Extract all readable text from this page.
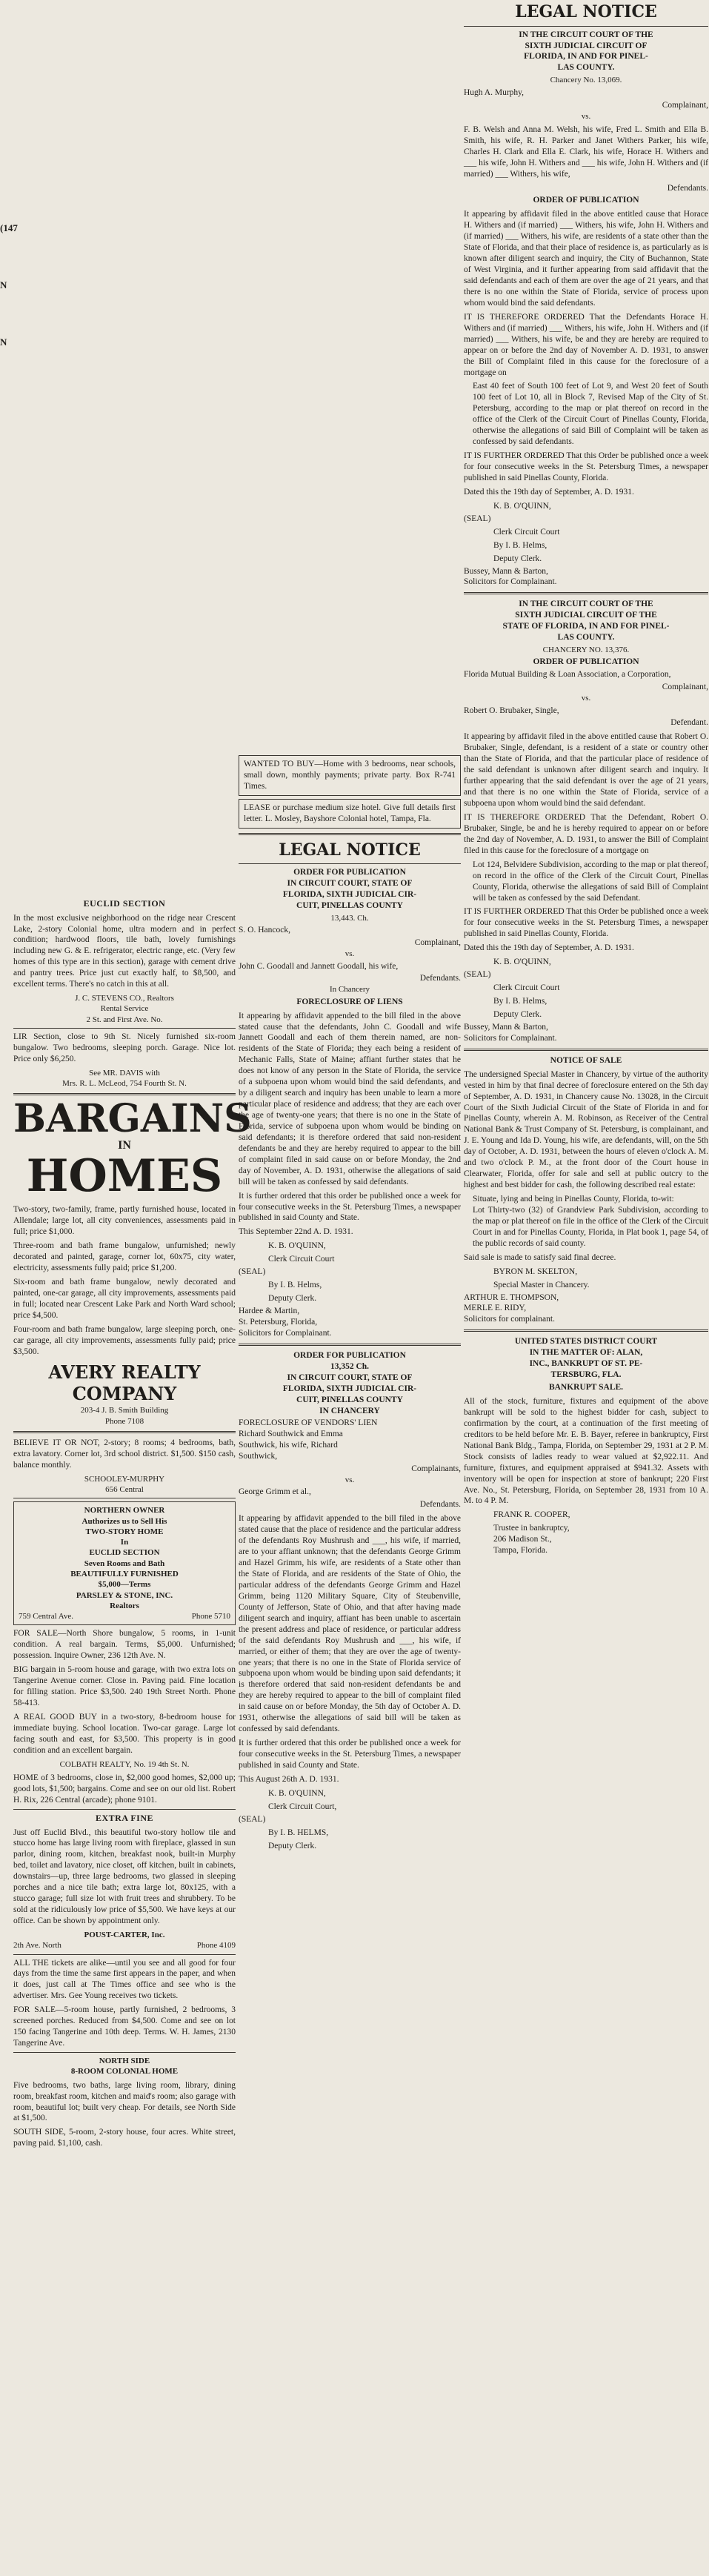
(147

N

N

EUCLID SECTION

In the most exclusive neighborhood on the ridge near Crescent Lake, 2-story Colonial home, ultra modern and in perfect condition; hardwood floors, tile bath, lovely furnishings including new G. & E. refrigerator, electric range, etc. (Very few homes of this type are in this section), garage with cement drive and pantry trees. Price just cut exactly half, to $8,500, and excellent terms. There's no catch in this at all.

J. C. STEVENS CO., Realtors

Rental Service

2 St. and First Ave. No.

LIR Section, close to 9th St. Nicely furnished six-room bungalow. Two bedrooms, sleeping porch. Garage. Nice lot. Price only $6,250.

See MR. DAVIS with

Mrs. R. L. McLeod, 754 Fourth St. N.

BARGAINS
IN
HOMES

Two-story, two-family, frame, partly furnished house, located in Allendale; large lot, all city conveniences, assessments paid in full; price $1,000.

Three-room and bath frame bungalow, unfurnished; newly decorated and painted, garage, corner lot, 60x75, city water, electricity, assessments fully paid; price $1,200.

Six-room and bath frame bungalow, newly decorated and painted, one-car garage, all city improvements, assessments paid in full; located near Crescent Lake Park and North Ward school; price $4,500.

Four-room and bath frame bungalow, large sleeping porch, one-car garage, all city improvements, assessments fully paid; price $3,500.

AVERY REALTY
COMPANY

203-4 J. B. Smith Building

Phone 7108

BELIEVE IT OR NOT, 2-story; 8 rooms; 4 bedrooms, bath, extra lavatory. Corner lot, 3rd school district. $1,500. $150 cash, balance monthly.

SCHOOLEY-MURPHY

656 Central

NORTHERN OWNER
Authorizes us to Sell His
TWO-STORY HOME
In
EUCLID SECTION
Seven Rooms and Bath
BEAUTIFULLY FURNISHED
$5,000—Terms
PARSLEY & STONE, INC.
Realtors

759 Central Ave.	Phone 5710

FOR SALE—North Shore bungalow, 5 rooms, in 1-unit condition. A real bargain. Terms, $5,000. Unfurnished; possession. Inquire Owner, 236 12th Ave. N.

BIG bargain in 5-room house and garage, with two extra lots on Tangerine Avenue corner. Close in. Paving paid. Fine location for filling station. Price $3,500. 240 19th Street North. Phone 58-413.

A REAL GOOD BUY in a two-story, 8-bedroom house for immediate buying. School location. Two-car garage. Large lot facing south and east, for $3,500. This property is in good condition and an excellent bargain.

COLBATH REALTY, No. 19 4th St. N.

HOME of 3 bedrooms, close in, $2,000 good homes, $2,000 up; good lots, $1,500; bargains. Come and see on our old list. Robert H. Rix, 226 Central (arcade); phone 9101.

EXTRA FINE

Just off Euclid Blvd., this beautiful two-story hollow tile and stucco home has large living room with fireplace, glassed in sun parlor, dining room, kitchen, breakfast nook, built-in Murphy bed, toilet and lavatory, nice closet, off kitchen, built in cabinets, downstairs—up, three large bedrooms, two glassed in sleeping porches and a nice tile bath; extra large lot, 80x125, with a stucco garage; full size lot with fruit trees and shrubbery. To be sold at the ridiculously low price of $5,500. We have keys at our office. Can be shown by appointment only.

POUST-CARTER, Inc.

2th Ave. North	Phone 4109

ALL THE tickets are alike—until you see and all good for four days from the time the same first appears in the paper, and when it does, just call at The Times office and see who is the advertiser. Mrs. Gee Young receives two tickets.

FOR SALE—5-room house, partly furnished, 2 bedrooms, 3 screened porches. Reduced from $4,500. Come and see on lot 150 facing Tangerine and 10th deep. Terms. W. H. James, 2130 Tangerine Ave.

NORTH SIDE
8-ROOM COLONIAL HOME

Five bedrooms, two baths, large living room, library, dining room, breakfast room, kitchen and maid's room; also garage with room, beautiful lot; built very cheap. For details, see North Side at $1,500.

SOUTH SIDE, 5-room, 2-story house, four acres. White street, paving paid. $1,100, cash.

WANTED TO BUY—Home with 3 bedrooms, near schools, small down, monthly payments; private party. Box R-741 Times.

LEASE or purchase medium size hotel. Give full details first letter. L. Mosley, Bayshore Colonial hotel, Tampa, Fla.

LEGAL NOTICE

ORDER FOR PUBLICATION
IN CIRCUIT COURT, STATE OF
FLORIDA, SIXTH JUDICIAL CIR-
CUIT, PINELLAS COUNTY

13,443. Ch.

S. O. Hancock,

Complainant,

vs.

John C. Goodall and Jannett Goodall, his wife,

Defendants.

In Chancery

FORECLOSURE OF LIENS

It appearing by affidavit appended to the bill filed in the above stated cause that the defendants, John C. Goodall and wife Jannett Goodall and each of them therein named, are non-residents of the State of Florida; they each being a resident of Mechanic Falls, State of Maine; affiant further states that he does not know of any person in the State of Florida, the service of a subpoena upon whom would bind the said defendants, and by a diligent search and inquiry has been unable to learn a more particular place of residence and address; that they are each over the age of twenty-one years; that there is no one in the State of Florida, service of subpoena upon whom would be binding on said defendants; it is therefore ordered that said non-resident defendants be and they are hereby required to appear to the bill of complaint filed in said cause on or before Monday, the 2nd day of November, A. D. 1931, otherwise the allegations of said bill will be taken as confessed by said defendants.

It is further ordered that this order be published once a week for four consecutive weeks in the St. Petersburg Times, a newspaper published in said County and State.

This September 22nd A. D. 1931.

K. B. O'QUINN,

Clerk Circuit Court

(SEAL)

By I. B. Helms,

Deputy Clerk.

Hardee & Martin,
St. Petersburg, Florida,
Solicitors for Complainant.

ORDER FOR PUBLICATION
13,352 Ch.
IN CIRCUIT COURT, STATE OF
FLORIDA, SIXTH JUDICIAL CIR-
CUIT, PINELLAS COUNTY
IN CHANCERY

FORECLOSURE OF VENDORS' LIEN
Richard Southwick and Emma
Southwick, his wife, Richard
Southwick,

Complainants,

vs.

George Grimm et al.,

Defendants.

It appearing by affidavit appended to the bill filed in the above stated cause that the place of residence and the particular address of the defendants Roy Mushrush and ___, his wife, if married, are to your affiant unknown; that the defendants George Grimm and Hazel Grimm, his wife, are residents of a State other than the State of Florida, and are residents of the State of Ohio, the particular address of the defendants George Grimm and Hazel Grimm, being 1120 Military Square, City of Steubenville, County of Jefferson, State of Ohio, and that after having made diligent search and inquiry, affiant has been unable to ascertain the present address and place of residence, or particular address of the said defendants Roy Mushrush and ___, his wife, if married, or either of them; that they are over the age of twenty-one years; that there is no one in the State of Florida service of subpoena upon whom would be binding upon said defendants; it is therefore ordered that said non-resident defendants be and they are hereby required to appear to the bill of complaint filed in said cause on or before Monday, the 5th day of October A. D. 1931, otherwise the allegations of said bill will be taken as confessed by said defendants.

It is further ordered that this order be published once a week for four consecutive weeks in the St. Petersburg Times, a newspaper published in said County and State.

This August 26th A. D. 1931.

K. B. O'QUINN,

Clerk Circuit Court,

(SEAL)

By I. B. HELMS,

Deputy Clerk.

LEGAL NOTICE

IN THE CIRCUIT COURT OF THE
SIXTH JUDICIAL CIRCUIT OF
FLORIDA, IN AND FOR PINEL-
LAS COUNTY.

Chancery No. 13,069.

Hugh A. Murphy,

Complainant,

vs.

F. B. Welsh and Anna M. Welsh, his wife, Fred L. Smith and Ella B. Smith, his wife, R. H. Parker and Janet Withers Parker, his wife, Charles H. Clark and Ella E. Clark, his wife, Horace H. Withers and ___ his wife, John H. Withers and ___ his wife, John H. Withers and (if married) ___ Withers, his wife,

Defendants.

ORDER OF PUBLICATION

It appearing by affidavit filed in the above entitled cause that Horace H. Withers and (if married) ___ Withers, his wife, John H. Withers and (if married) ___ Withers, his wife, are residents of a state other than the State of Florida, and that their place of residence is, as particularly as is known after diligent search and inquiry, the City of Buchannon, State of West Virginia, and it further appearing from said affidavit that the said defendants and each of them are over the age of 21 years, and that there is no one within the State of Florida, service of process upon whom would bind the said defendants.

IT IS THEREFORE ORDERED That the Defendants Horace H. Withers and (if married) ___ Withers, his wife, John H. Withers and (if married) ___ Withers, his wife, be and they are hereby are required to appear on or before the 2nd day of November A. D. 1931, to answer the Bill of Complaint filed in this cause for the foreclosure of a mortgage on

East 40 feet of South 100 feet of Lot 9, and West 20 feet of South 100 feet of Lot 10, all in Block 7, Revised Map of the City of St. Petersburg, according to the map or plat thereof on record in the office of the Clerk of the Circuit Court of Pinellas County, Florida, otherwise the allegations of said Bill of Complaint will be taken as confessed by said defendants.

IT IS FURTHER ORDERED That this Order be published once a week for four consecutive weeks in the St. Petersburg Times, a newspaper published in said Pinellas County, Florida.

Dated this the 19th day of September, A. D. 1931.

K. B. O'QUINN,

(SEAL)

Clerk Circuit Court

By I. B. Helms,

Deputy Clerk.

Bussey, Mann & Barton,
Solicitors for Complainant.

IN THE CIRCUIT COURT OF THE
SIXTH JUDICIAL CIRCUIT OF THE
STATE OF FLORIDA, IN AND FOR PINEL-
LAS COUNTY.

CHANCERY NO. 13,376.

ORDER OF PUBLICATION

Florida Mutual Building & Loan Association, a Corporation,

Complainant,

vs.

Robert O. Brubaker, Single,

Defendant.

It appearing by affidavit filed in the above entitled cause that Robert O. Brubaker, Single, defendant, is a resident of a state or country other than the State of Florida, and that the particular place of residence of the said defendant is unknown after diligent search and inquiry. It further appearing that the said defendant is over the age of 21 years, and that there is no one within the State of Florida, service of a subpoena upon whom would bind the said defendant.

IT IS THEREFORE ORDERED That the Defendant, Robert O. Brubaker, Single, be and he is hereby required to appear on or before the 2nd day of November, A. D. 1931, to answer the Bill of Complaint filed in this cause for the foreclosure of a mortgage on

Lot 124, Belvidere Subdivision, according to the map or plat thereof, on record in the office of the Clerk of the Circuit Court, Pinellas County, Florida, otherwise the allegations of said Bill of Complaint will be taken as confessed by the said Defendant.

IT IS FURTHER ORDERED That this Order be published once a week for four consecutive weeks in the St. Petersburg Times, a newspaper published in said Pinellas County, Florida.

Dated this the 19th day of September, A. D. 1931.

K. B. O'QUINN,

(SEAL)

Clerk Circuit Court

By I. B. Helms,

Deputy Clerk.

Bussey, Mann & Barton,
Solicitors for Complainant.

NOTICE OF SALE

The undersigned Special Master in Chancery, by virtue of the authority vested in him by that final decree of foreclosure entered on the 5th day of September, A. D. 1931, in Chancery cause No. 13028, in the Circuit Court of the Sixth Judicial Circuit of the State of Florida in and for Pinellas County, wherein A. M. Robinson, as Receiver of the Central National Bank & Trust Company of St. Petersburg, is complainant, and J. E. Young and Ida D. Young, his wife, are defendants, will, on the 5th day of October, A. D. 1931, between the hours of eleven o'clock A. M. and two o'clock P. M., at the front door of the Court house in Clearwater, Florida, offer for sale and sell at public outcry to the highest and best bidder for cash, the following described real estate:

Situate, lying and being in Pinellas County, Florida, to-wit:
Lot Thirty-two (32) of Grandview Park Subdivision, according to the map or plat thereof on file in the office of the Clerk of the Circuit Court in and for Pinellas County, Florida, in Plat book 1, page 54, of the public records of said county.

Said sale is made to satisfy said final decree.

BYRON M. SKELTON,

Special Master in Chancery.

ARTHUR E. THOMPSON,
MERLE E. RIDY,
Solicitors for complainant.

UNITED STATES DISTRICT COURT
IN THE MATTER OF: ALAN,
INC., BANKRUPT OF ST. PE-
TERSBURG, FLA.

BANKRUPT SALE.

All of the stock, furniture, fixtures and equipment of the above bankrupt will be sold to the highest bidder for cash, subject to confirmation by the court, at a continuation of the first meeting of creditors to be held before Mr. E. B. Bayer, referee in bankruptcy, First National Bank Bldg., Tampa, Florida, on September 29, 1931 at 2 P. M. Stock consists of ladies ready to wear valued at $2,922.11. And furniture, fixtures, and equipment appraised at $941.32. Assets with inventory will be open for inspection at store of bankrupt; 220 First Ave. No., St. Petersburg, Florida, on September 28, 1931 from 10 A. M. to 4 P. M.

FRANK R. COOPER,

Trustee in bankruptcy,
206 Madison St.,
Tampa, Florida.
